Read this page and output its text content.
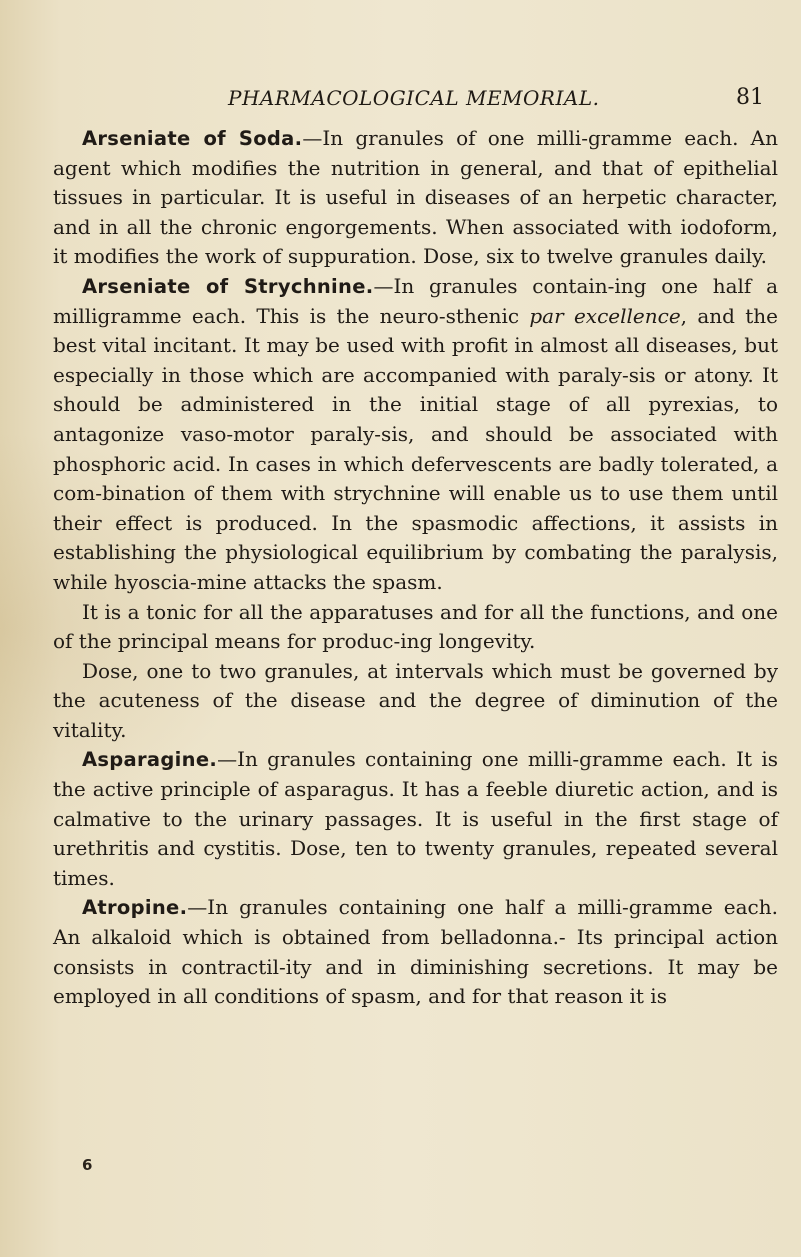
PHARMACOLOGICAL MEMORIAL.	81

Arseniate of Soda.—In granules of one milli-gramme each. An agent which modifies the nutrition in general, and that of epithelial tissues in particular. It is useful in diseases of an herpetic character, and in all the chronic engorgements. When associated with iodoform, it modifies the work of suppuration. Dose, six to twelve granules daily.

Arseniate of Strychnine.—In granules contain-ing one half a milligramme each. This is the neuro-sthenic par excellence, and the best vital incitant. It may be used with profit in almost all diseases, but especially in those which are accompanied with paraly-sis or atony. It should be administered in the initial stage of all pyrexias, to antagonize vaso-motor paraly-sis, and should be associated with phosphoric acid. In cases in which defervescents are badly tolerated, a com-bination of them with strychnine will enable us to use them until their effect is produced. In the spasmodic affections, it assists in establishing the physiological equilibrium by combating the paralysis, while hyoscia-mine attacks the spasm.

It is a tonic for all the apparatuses and for all the functions, and one of the principal means for produc-ing longevity.

Dose, one to two granules, at intervals which must be governed by the acuteness of the disease and the degree of diminution of the vitality.

Asparagine.—In granules containing one milli-gramme each. It is the active principle of asparagus. It has a feeble diuretic action, and is calmative to the urinary passages. It is useful in the first stage of urethritis and cystitis. Dose, ten to twenty granules, repeated several times.

Atropine.—In granules containing one half a milli-gramme each. An alkaloid which is obtained from belladonna.- Its principal action consists in contractil-ity and in diminishing secretions. It may be employed in all conditions of spasm, and for that reason it is

6
